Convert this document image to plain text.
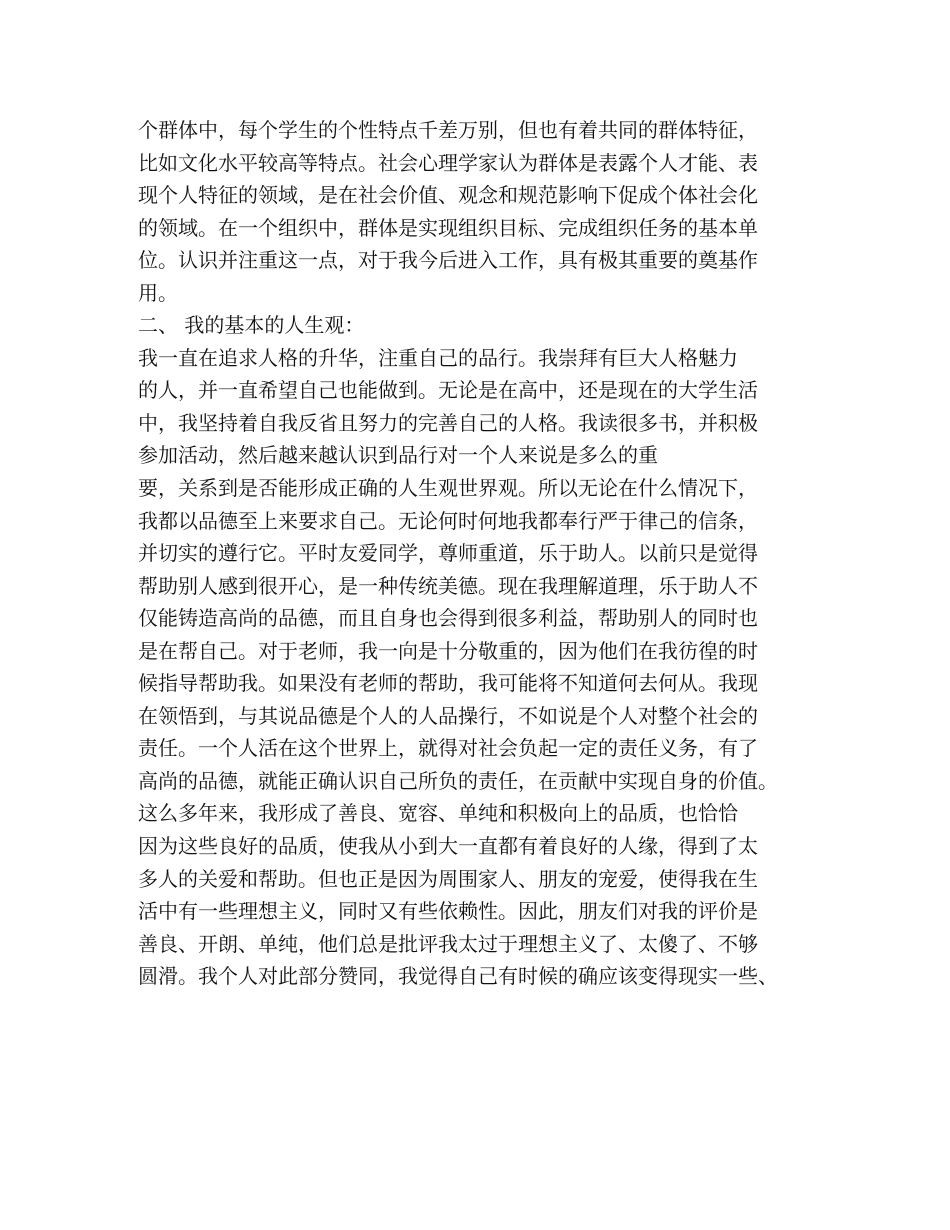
个群体中，每个学生的个性特点千差万别，但也有着共同的群体特征，
比如文化水平较高等特点。社会心理学家认为群体是表露个人才能、表
现个人特征的领域，是在社会价值、观念和规范影响下促成个体社会化
的领域。在一个组织中，群体是实现组织目标、完成组织任务的基本单
位。认识并注重这一点，对于我今后进入工作，具有极其重要的奠基作
用。
二、 我的基本的人生观：
我一直在追求人格的升华，注重自己的品行。我崇拜有巨大人格魅力
的人，并一直希望自己也能做到。无论是在高中，还是现在的大学生活
中，我坚持着自我反省且努力的完善自己的人格。我读很多书，并积极
参加活动，然后越来越认识到品行对一个人来说是多么的重
要，关系到是否能形成正确的人生观世界观。所以无论在什么情况下，
我都以品德至上来要求自己。无论何时何地我都奉行严于律己的信条，
并切实的遵行它。平时友爱同学，尊师重道，乐于助人。以前只是觉得
帮助别人感到很开心，是一种传统美德。现在我理解道理，乐于助人不
仅能铸造高尚的品德，而且自身也会得到很多利益，帮助别人的同时也
是在帮自己。对于老师，我一向是十分敬重的，因为他们在我彷徨的时
候指导帮助我。如果没有老师的帮助，我可能将不知道何去何从。我现
在领悟到，与其说品德是个人的人品操行，不如说是个人对整个社会的
责任。一个人活在这个世界上，就得对社会负起一定的责任义务，有了
高尚的品德，就能正确认识自己所负的责任，在贡献中实现自身的价值。
这么多年来，我形成了善良、宽容、单纯和积极向上的品质，也恰恰
因为这些良好的品质，使我从小到大一直都有着良好的人缘，得到了太
多人的关爱和帮助。但也正是因为周围家人、朋友的宠爱，使得我在生
活中有一些理想主义，同时又有些依赖性。因此，朋友们对我的评价是
善良、开朗、单纯，他们总是批评我太过于理想主义了、太傻了、不够
圆滑。我个人对此部分赞同，我觉得自己有时候的确应该变得现实一些、
